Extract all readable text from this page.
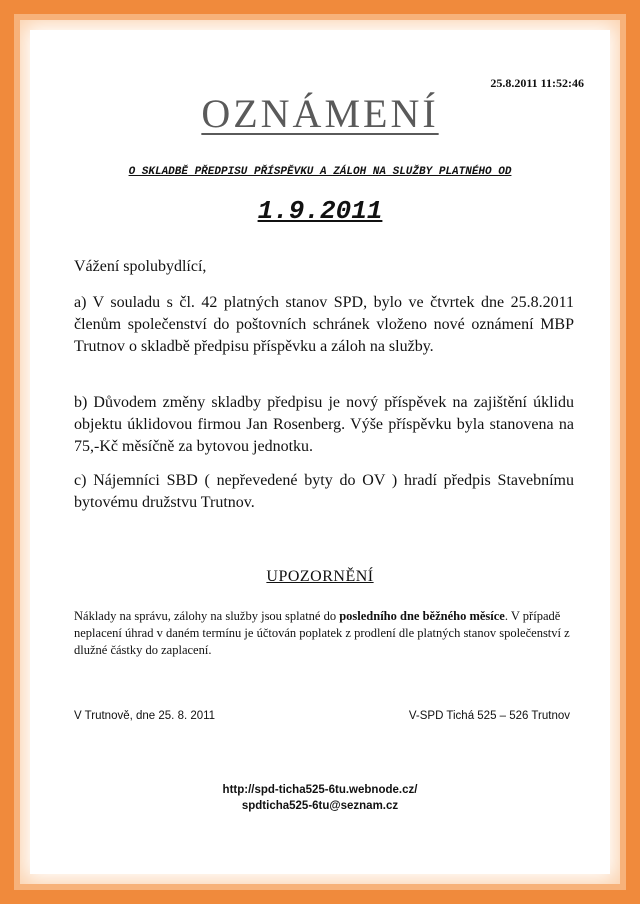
25.8.2011 11:52:46
OZNÁMENÍ
O SKLADBĚ PŘEDPISU PŘÍSPĚVKU A ZÁLOH NA SLUŽBY PLATNÉHO OD
1.9.2011
Vážení spolubydlící,
a) V souladu s čl. 42 platných stanov SPD, bylo ve čtvrtek dne 25.8.2011 členům společenství do poštovních schránek vloženo nové oznámení MBP Trutnov o skladbě předpisu příspěvku a záloh na služby.
b) Důvodem změny skladby předpisu je nový příspěvek na zajištění úklidu objektu úklidovou firmou Jan Rosenberg. Výše příspěvku byla stanovena na 75,-Kč měsíčně za bytovou jednotku.
c) Nájemníci SBD ( nepřevedené byty do OV ) hradí předpis Stavebnímu bytovému družstvu Trutnov.
UPOZORNĚNÍ
Náklady na správu, zálohy na služby jsou splatné do posledního dne běžného měsíce. V případě neplacení úhrad v daném termínu je účtován poplatek z prodlení dle platných stanov společenství z dlužné částky do zaplacení.
V Trutnově, dne 25. 8. 2011	V-SPD Tichá 525 – 526 Trutnov
http://spd-ticha525-6tu.webnode.cz/
spdticha525-6tu@seznam.cz
